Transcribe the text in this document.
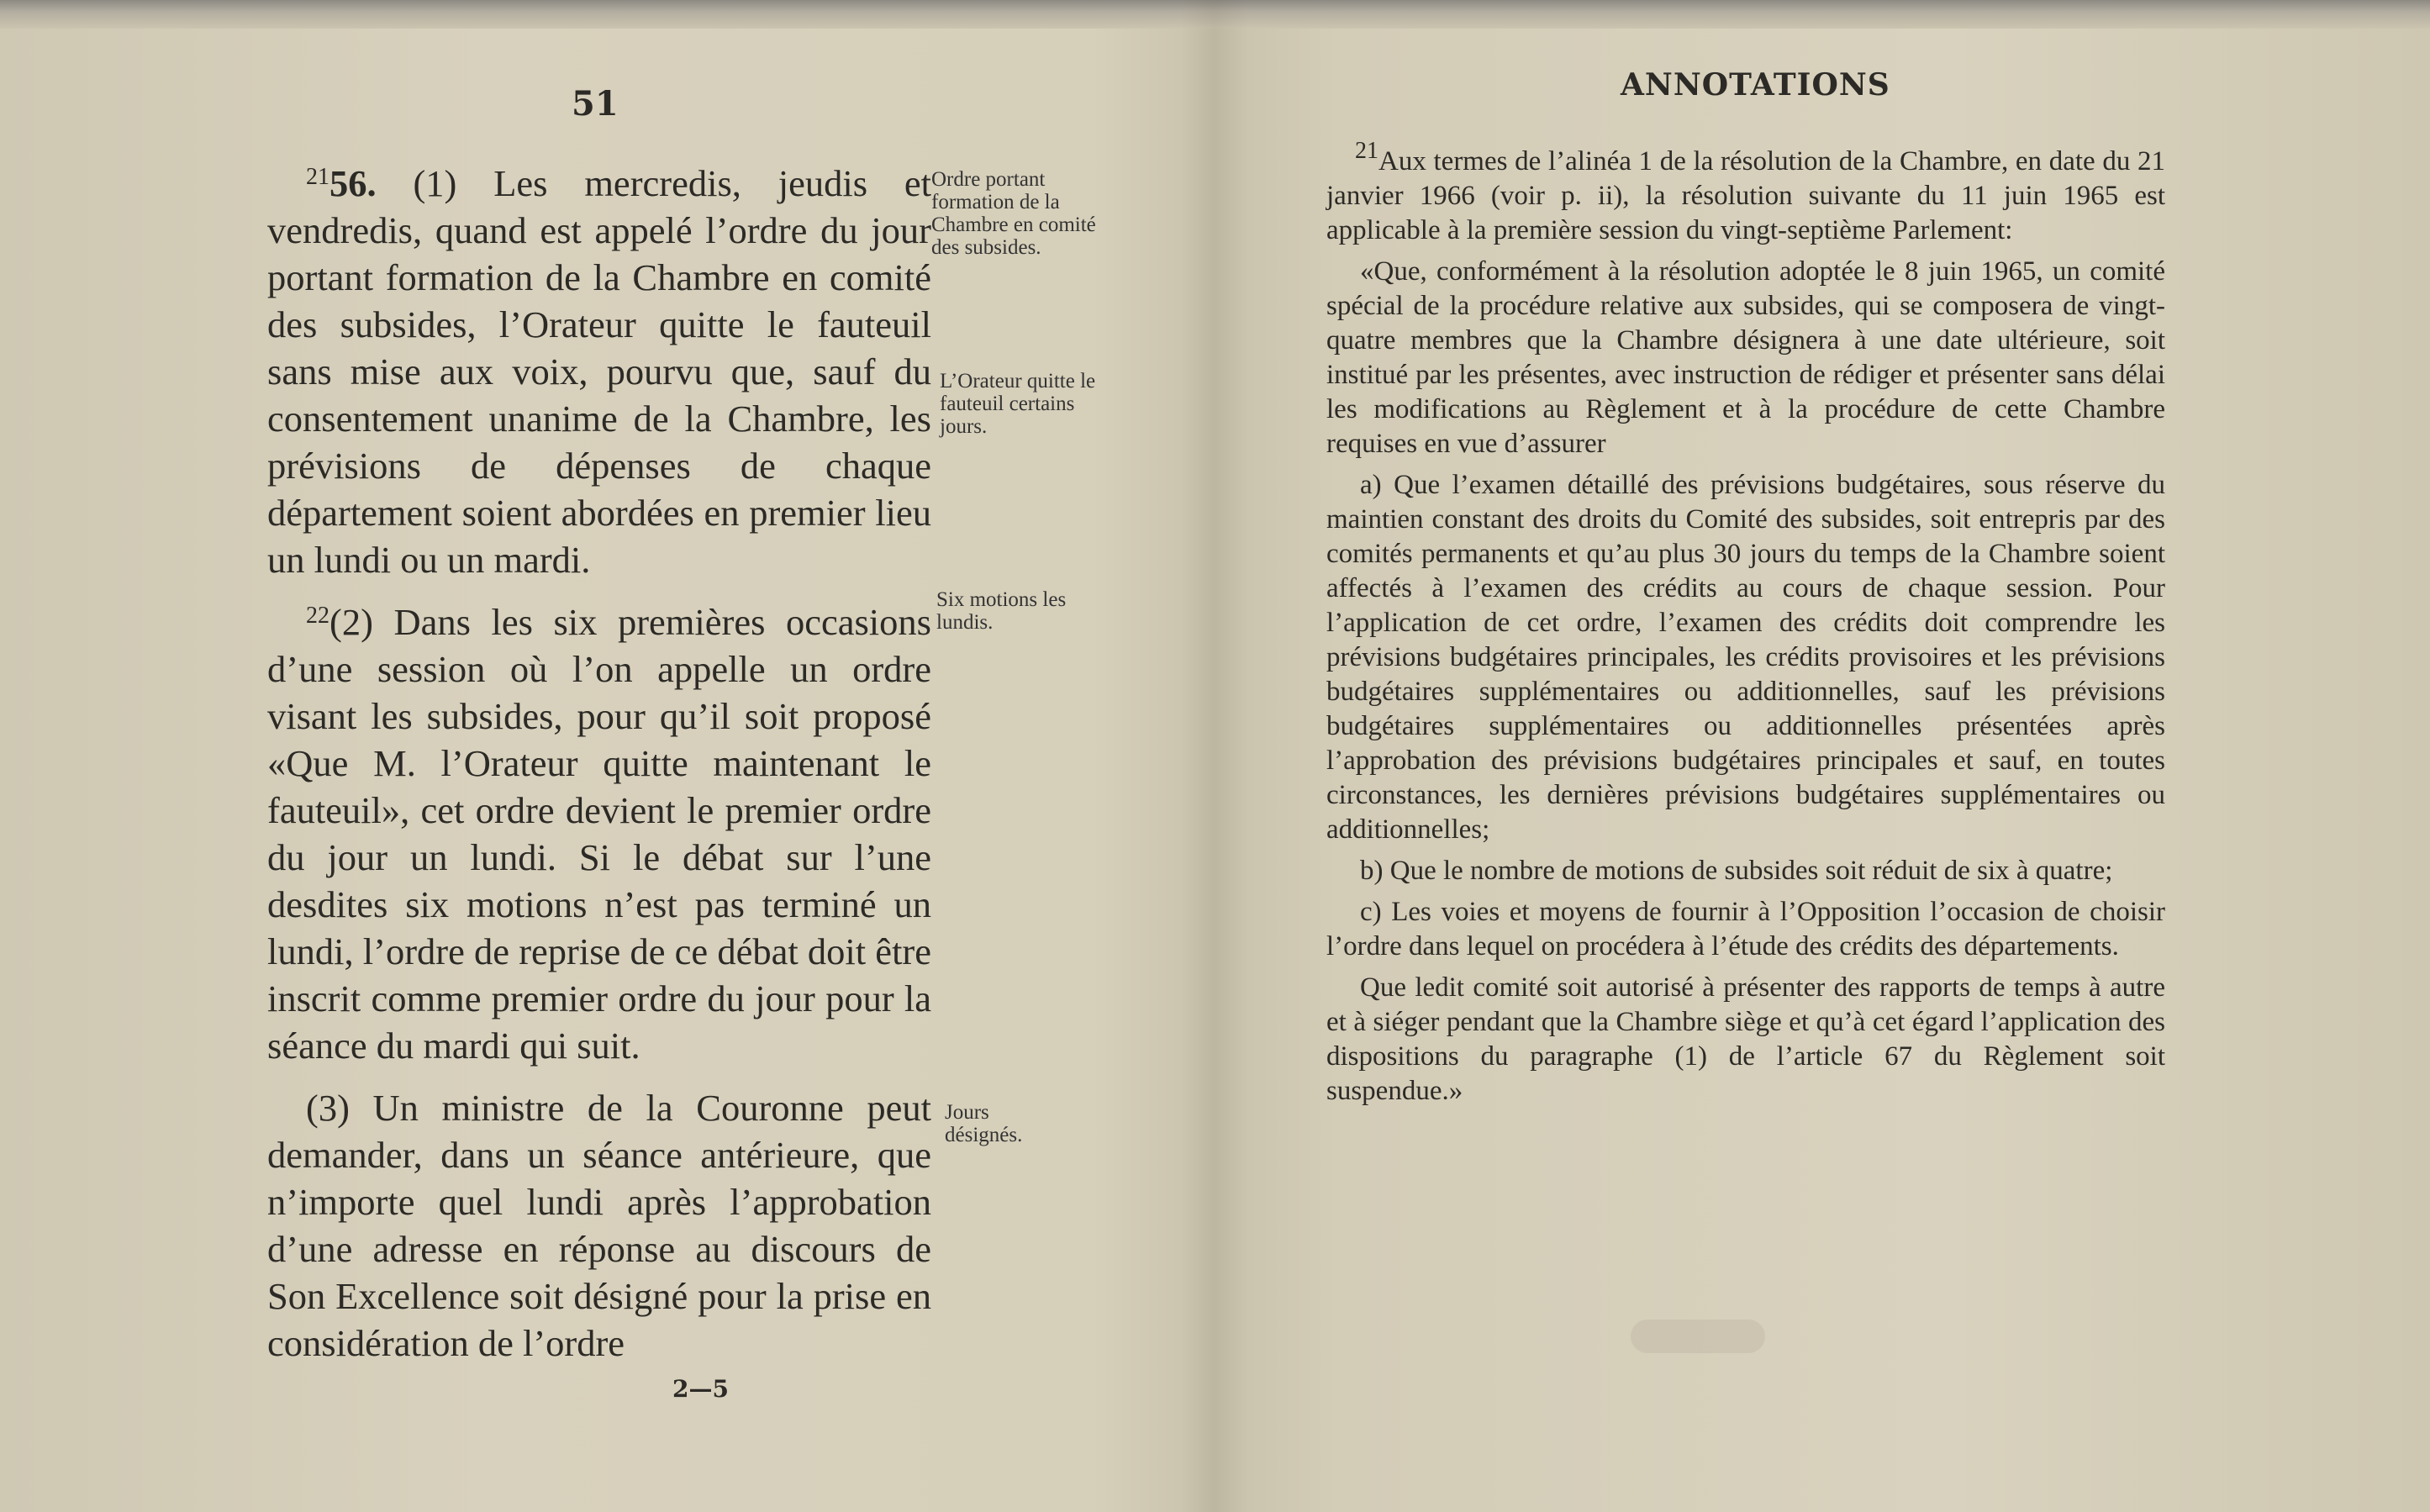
51	ANNOTATIONS

$^{21}$56. (1) Les mercredis, jeudis et vendredis, quand est appelé l’ordre du jour portant formation de la Chambre en comité des subsides, l’Orateur quitte le fauteuil sans mise aux voix, pourvu que, sauf du consentement unanime de la Chambre, les prévisions de dépenses de chaque département soient abordées en premier lieu un lundi ou un mardi.

$^{22}$(2) Dans les six premières occasions d’une session où l’on appelle un ordre visant les subsides, pour qu’il soit proposé «Que M. l’Orateur quitte maintenant le fauteuil», cet ordre devient le premier ordre du jour un lundi. Si le débat sur l’une desdites six motions n’est pas terminé un lundi, l’ordre de reprise de ce débat doit être inscrit comme premier ordre du jour pour la séance du mardi qui suit.

(3) Un ministre de la Couronne peut demander, dans un séance antérieure, que n’importe quel lundi après l’approbation d’une adresse en réponse au discours de Son Excellence soit désigné pour la prise en considération de l’ordre

Ordre portant formation de la Chambre en comité des subsides.
L’Orateur quitte le fauteuil certains jours.
Six motions les lundis.
Jours désignés.
2—5

$^{21}$Aux termes de l’alinéa 1 de la résolution de la Chambre, en date du 21 janvier 1966 (voir p. ii), la résolution suivante du 11 juin 1965 est applicable à la première session du vingt-septième Parlement:

«Que, conformément à la résolution adoptée le 8 juin 1965, un comité spécial de la procédure relative aux subsides, qui se composera de vingt-quatre membres que la Chambre désignera à une date ultérieure, soit institué par les présentes, avec instruction de rédiger et présenter sans délai les modifications au Règlement et à la procédure de cette Chambre requises en vue d’assurer

a) Que l’examen détaillé des prévisions budgétaires, sous réserve du maintien constant des droits du Comité des subsides, soit entrepris par des comités permanents et qu’au plus 30 jours du temps de la Chambre soient affectés à l’examen des crédits au cours de chaque session. Pour l’application de cet ordre, l’examen des crédits doit comprendre les prévisions budgétaires principales, les crédits provisoires et les prévisions budgétaires supplémentaires ou additionnelles, sauf les prévisions budgétaires supplémentaires ou additionnelles présentées après l’approbation des prévisions budgétaires principales et sauf, en toutes circonstances, les dernières prévisions budgétaires supplémentaires ou additionnelles;

b) Que le nombre de motions de subsides soit réduit de six à quatre;

c) Les voies et moyens de fournir à l’Opposition l’occasion de choisir l’ordre dans lequel on procédera à l’étude des crédits des départements.

Que ledit comité soit autorisé à présenter des rapports de temps à autre et à siéger pendant que la Chambre siège et qu’à cet égard l’application des dispositions du paragraphe (1) de l’article 67 du Règlement soit suspendue.»
